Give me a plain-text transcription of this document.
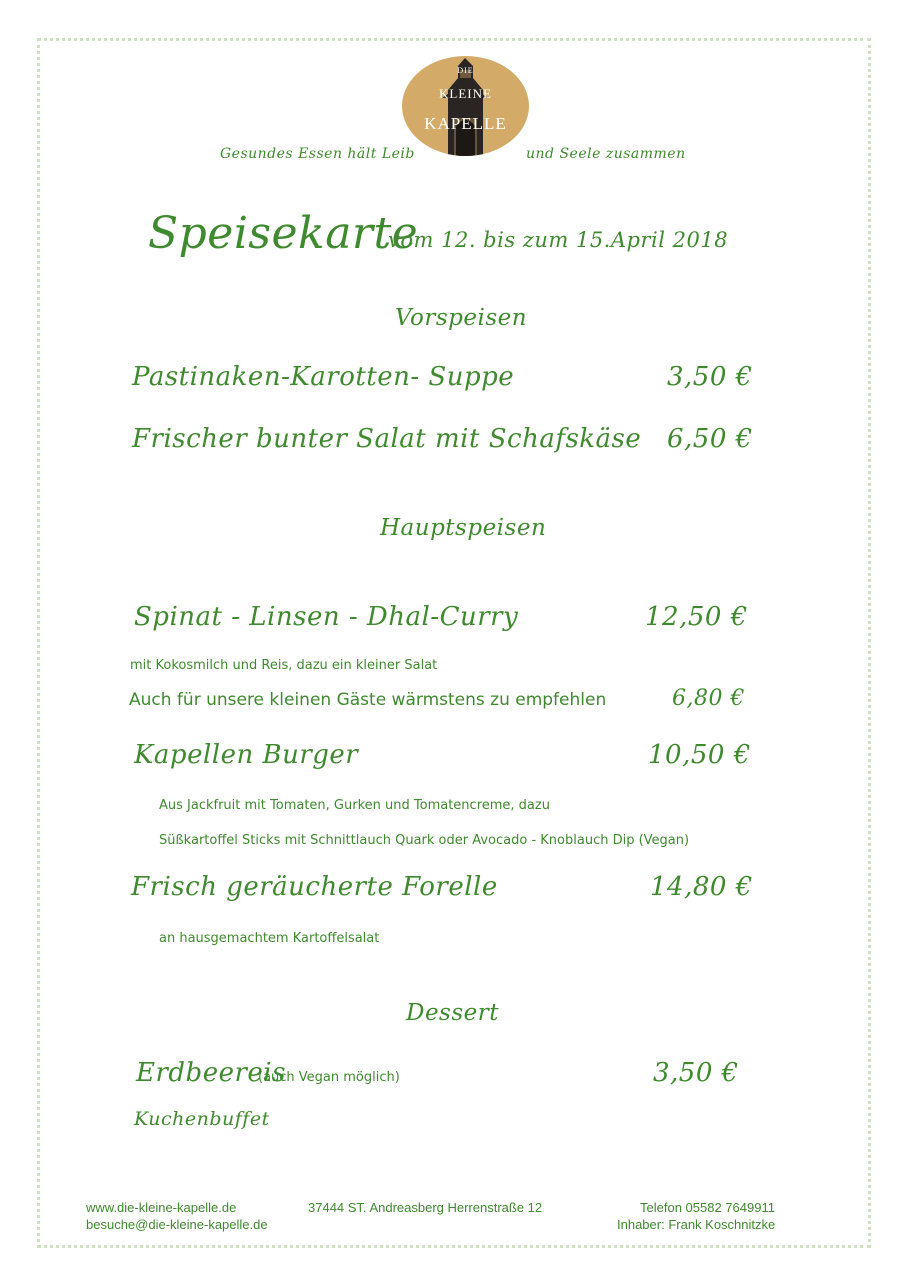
DIE
KLEINE
KAPELLE
Gesundes Essen hält Leib	und Seele zusammen
Speisekarte
vom 12. bis zum 15.April 2018
Vorspeisen
Pastinaken-Karotten- Suppe	3,50 €
Frischer bunter Salat mit Schafskäse 6,50 €
Hauptspeisen
Spinat - Linsen - Dhal-Curry	12,50 €
mit Kokosmilch und Reis, dazu ein kleiner Salat
Auch für unsere kleinen Gäste wärmstens zu empfehlen	6,80 €
Kapellen Burger	10,50 €
Aus Jackfruit mit Tomaten, Gurken und Tomatencreme, dazu
Süßkartoffel Sticks mit Schnittlauch Quark oder Avocado - Knoblauch Dip (Vegan)
Frisch geräucherte Forelle	14,80 €
an hausgemachtem Kartoffelsalat
Dessert
Erdbeereis
(auch Vegan möglich)	3,50 €
Kuchenbuffet
www.die-kleine-kapelle.de
besuche@die-kleine-kapelle.de
37444 ST. Andreasberg Herrenstraße 12	Telefon 05582 7649911
Inhaber: Frank Koschnitzke
